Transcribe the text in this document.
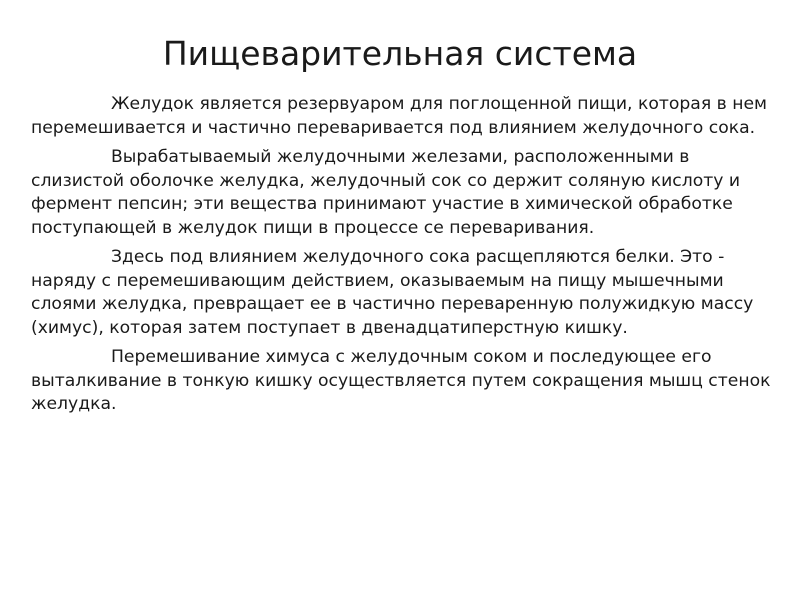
Пищеварительная система

Желудок является резервуаром для поглощенной пищи, которая в нем перемешивается и частично переваривается под влиянием желудочного сока.

Вырабатываемый желудочными железами, расположенными в слизистой оболочке желудка, желудочный сок со держит соляную кислоту и фермент пепсин; эти вещества принимают участие в химической обработке поступающей в желудок пищи в процессе се переваривания.

Здесь под влиянием желудочного сока расщепляются белки. Это - наряду с перемешивающим действием, оказываемым на пищу мышечными слоями желудка, превращает ее в частично переваренную полужидкую массу (химус), которая затем поступает в двенадцатиперстную кишку.

Перемешивание химуса с желудочным соком и последующее его выталкивание в тонкую кишку осуществляется путем сокращения мышц стенок желудка.
